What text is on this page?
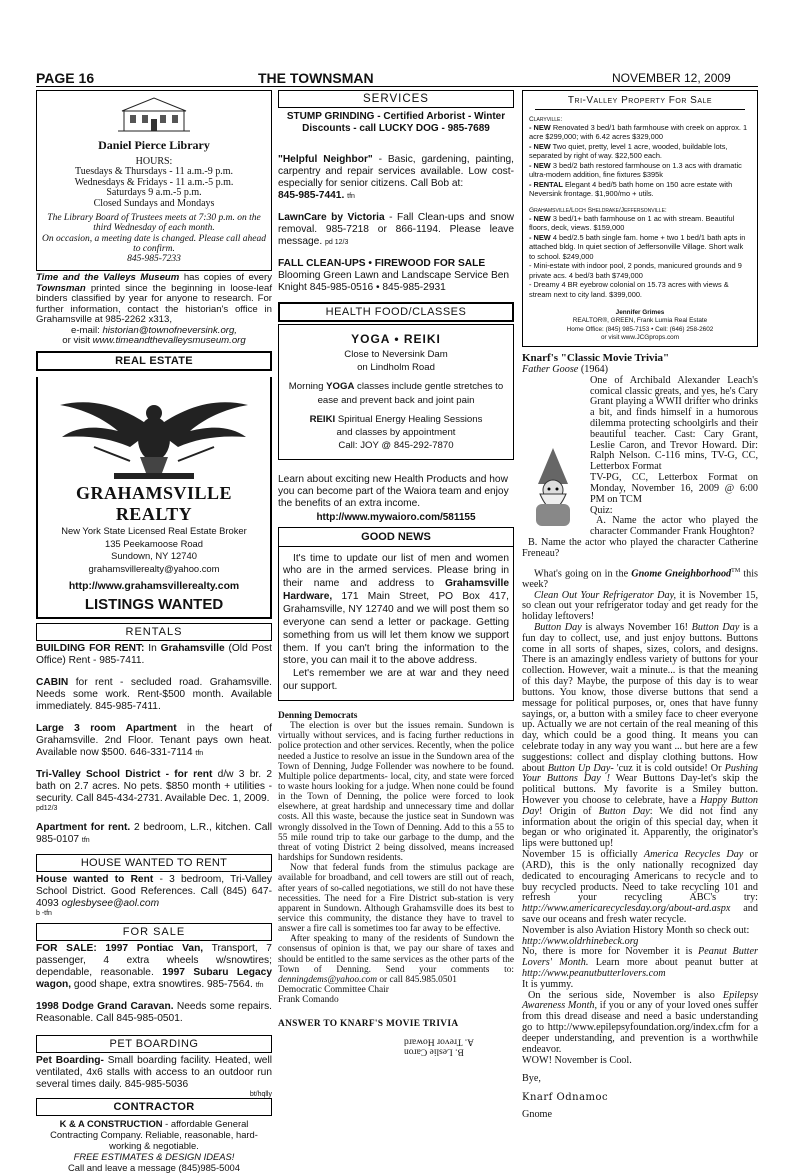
PAGE 16	THE TOWNSMAN	NOVEMBER 12, 2009
Daniel Pierce Library
HOURS:
Tuesdays & Thursdays - 11 a.m.-9 p.m.
Wednesdays & Fridays - 11 a.m.-5 p.m.
Saturdays 9 a.m.-5 p.m.
Closed Sundays and Mondays
The Library Board of Trustees meets at 7:30 p.m. on the third Wednesday of each month.
On occasion, a meeting date is changed. Please call ahead to confirm.
845-985-7233
Time and the Valleys Museum has copies of every Townsman printed since the beginning in loose-leaf binders classified by year for anyone to research. For further information, contact the historian's office in Grahamsville at 985-2262 x313,
e-mail: historian@townofneversink.org,
or visit www.timeandthevalleysmuseum.org
REAL ESTATE
GRAHAMSVILLE REALTY
New York State Licensed Real Estate Broker
135 Peekamoose Road
Sundown, NY 12740
grahamsvillerealty@yahoo.com
http://www.grahamsvillerealty.com
LISTINGS WANTED
RENTALS
BUILDING FOR RENT: In Grahamsville (Old Post Office) Rent - 985-7411.
CABIN for rent - secluded road. Grahamsville. Needs some work. Rent-$500 month. Available immediately. 845-985-7411.
Large 3 room Apartment in the heart of Grahamsville. 2nd Floor. Tenant pays own heat. Available now $500. 646-331-7114 tfn
Tri-Valley School District - for rent d/w 3 br. 2 bath on 2.7 acres. No pets. $850 month + utilities - security. Call 845-434-2731. Available Dec. 1, 2009.
pd12/3
Apartment for rent. 2 bedroom, L.R., kitchen. Call 985-0107 tfn
HOUSE WANTED TO RENT
House wanted to Rent - 3 bedroom, Tri-Valley School District. Good References. Call (845) 647-4093 oglesbysee@aol.com
b -tfn
FOR SALE
FOR SALE: 1997 Pontiac Van, Transport, 7 passenger, 4 extra wheels w/snowtires; dependable, reasonable. 1997 Subaru Legacy wagon, good shape, extra snowtires. 985-7564. tfn
1998 Dodge Grand Caravan. Needs some repairs. Reasonable. Call 845-985-0501.
PET BOARDING
Pet Boarding- Small boarding facility. Heated, well ventilated, 4x6 stalls with access to an outdoor run several times daily. 845-985-5036
bt/hqlly
CONTRACTOR
K & A CONSTRUCTION - affordable General Contracting Company. Reliable, reasonable, hard-working & negotiable.
FREE ESTIMATES & DESIGN IDEAS!
Call and leave a message (845)985-5004
SERVICES
STUMP GRINDING - Certified Arborist - Winter Discounts - call LUCKY DOG - 985-7689
"Helpful Neighbor" - Basic, gardening, painting, carpentry and repair services available. Low cost-especially for senior citizens. Call Bob at:
845-985-7441. tfn
LawnCare by Victoria - Fall Clean-ups and snow removal. 985-7218 or 866-1194. Please leave message. pd 12/3
FALL CLEAN-UPS • FIREWOOD FOR SALE
Blooming Green Lawn and Landscape Service Ben Knight 845-985-0516 • 845-985-2931
HEALTH FOOD/CLASSES
YOGA • REIKI
Close to Neversink Dam
on Lindholm Road
Morning YOGA classes include gentle stretches to ease and prevent back and joint pain
REIKI Spiritual Energy Healing Sessions
and classes by appointment
Call: JOY @ 845-292-7870
Learn about exciting new Health Products and how you can become part of the Waiora team and enjoy the benefits of an extra income.
http://www.mywaioro.com/581155
GOOD NEWS
It's time to update our list of men and women who are in the armed services. Please bring in their name and address to Grahamsville Hardware, 171 Main Street, PO Box 417, Grahamsville, NY 12740 and we will post them so everyone can send a letter or package. Getting something from us will let them know we support them. If you can't bring the information to the store, you can mail it to the above address.
Let's remember we are at war and they need our support.
Denning Democrats
The election is over but the issues remain. Sundown is virtually without services, and is facing further reductions in police protection and other services. Recently, when the police needed a Justice to resolve an issue in the Sundown area of the Town of Denning, Judge Follender was nowhere to be found. Multiple police departments- local, city, and state were forced to waste hours looking for a judge. When none could be found in the Town of Denning, the police were forced to look elsewhere, at great hardship and unnecessary time and dollar costs. All this waste, because the justice seat in Sundown was wrongly dissolved in the Town of Denning. Add to this a 55 to 55 mile round trip to take our garbage to the dump, and the threat of voting District 2 being dissolved, means increased hardships for Sundown residents.
Now that federal funds from the stimulus package are available for broadband, and cell towers are still out of reach, after years of so-called negotiations, we still do not have these necessities. The need for a Fire District sub-station is very apparent in Sundown. Although Grahamsville does its best to service this community, the distance they have to travel to answer a fire call is sometimes too far away to be effective.
After speaking to many of the residents of Sundown the consensus of opinion is that, we pay our share of taxes and should be entitled to the same services as the other parts of the Town of Denning. Send your comments to: denningdems@yahoo.com or call 845.985.0501
Democratic Committee Chair
Frank Comando
ANSWER TO KNARF'S MOVIE TRIVIA
B. Leslie Caron
A. Trevor Howard
Tri-Valley Property For Sale
Claryville:
- NEW Renovated 3 bed/1 bath farmhouse with creek on approx. 1 acre $299,000; with 6.42 acres $329,000
- NEW Two quiet, pretty, level 1 acre, wooded, buildable lots, separated by right of way. $22,500 each.
- NEW 3 bed/2 bath restored farmhouse on 1.3 acs with dramatic ultra-modern addition, fine fixtures $395k
- RENTAL Elegant 4 bed/5 bath home on 150 acre estate with Neversink frontage. $1,900/mo + utils.
Grahamsville/Loch Sheldrake/Jeffersonville:
- NEW 3 bed/1+ bath farmhouse on 1 ac with stream. Beautiful floors, deck, views. $159,000
- NEW 4 bed/2.5 bath single fam. home + two 1 bed/1 bath apts in attached bldg. In quiet section of Jeffersonville Village. Short walk to school. $249,000
- Mini-estate with indoor pool, 2 ponds, manicured grounds and 9 private acs. 4 bed/3 bath $749,000
- Dreamy 4 BR eyebrow colonial on 15.73 acres with views & stream next to city land. $399,000.
Jennifer Grimes
REALTOR®, GREEN, Frank Lumia Real Estate
Home Office: (845) 985-7153 • Cell: (646) 258-2602
or visit www.JCGprops.com
Knarf's "Classic Movie Trivia"
Father Goose (1964)
One of Archibald Alexander Leach's comical classic greats, and yes, he's Cary Grant playing a WWII drifter who drinks a bit, and finds himself in a humorous dilemma protecting schoolgirls and their beautiful teacher. Cast: Cary Grant, Leslie Caron, and Trevor Howard. Dir: Ralph Nelson. C-116 mins, TV-G, CC, Letterbox Format
TV-PG, CC, Letterbox Format on Monday, November 16, 2009 @ 6:00 PM on TCM
Quiz:
A. Name the actor who played the character Commander Frank Houghton?
B. Name the actor who played the character Catherine Freneau?
What's going on in the Gnome Gneighborhood™ this week?
Clean Out Your Refrigerator Day, it is November 15, so clean out your refrigerator today and get ready for the holiday leftovers!
Button Day is always November 16! Button Day is a fun day to collect, use, and just enjoy buttons. Buttons come in all sorts of shapes, sizes, colors, and designs. There is an amazingly endless variety of buttons for your collection. However, wait a minute... is that the meaning of this day? Maybe, the purpose of this day is to wear buttons. You know, those diverse buttons that send a message for political purposes, or, ones that have funny sayings, or, a button with a smiley face to cheer everyone up. Actually we are not certain of the real meaning of this day, which could be a good thing. It means you can celebrate today in any way you want ... but here are a few suggestions: collect and display clothing buttons. How about Button Up Day- 'cuz it is cold outside! Or Pushing Your Buttons Day ! Wear Buttons Day-let's skip the political buttons. My favorite is a Smiley button. However you choose to celebrate, have a Happy Button Day! Origin of Button Day: We did not find any information about the origin of this special day, when it began or who originated it. Apparently, the originator's lips were buttoned up!
November 15 is officially America Recycles Day or (ARD), this is the only nationally recognized day dedicated to encouraging Americans to recycle and to buy recycled products. Need to take recycling 101 and refresh your recycling ABC's try: http://www.americarecyclesday.org/about-ard.aspx and save our oceans and fresh water recycle.
November is also Aviation History Month so check out: http://www.oldrhinebeck.org
No, there is more for November it is Peanut Butter Lovers' Month. Learn more about peanut butter at http://www.peanutbutterlovers.com
It is yummy.
On the serious side, November is also Epilepsy Awareness Month, if you or any of your loved ones suffer from this dread disease and need a basic understanding go to http://www.epilepsyfoundation.org/index.cfm for a deeper understanding, and prevention is a worthwhile endeavor.
WOW! November is Cool.
Bye,
Knarf Odnamoc
Gnome
